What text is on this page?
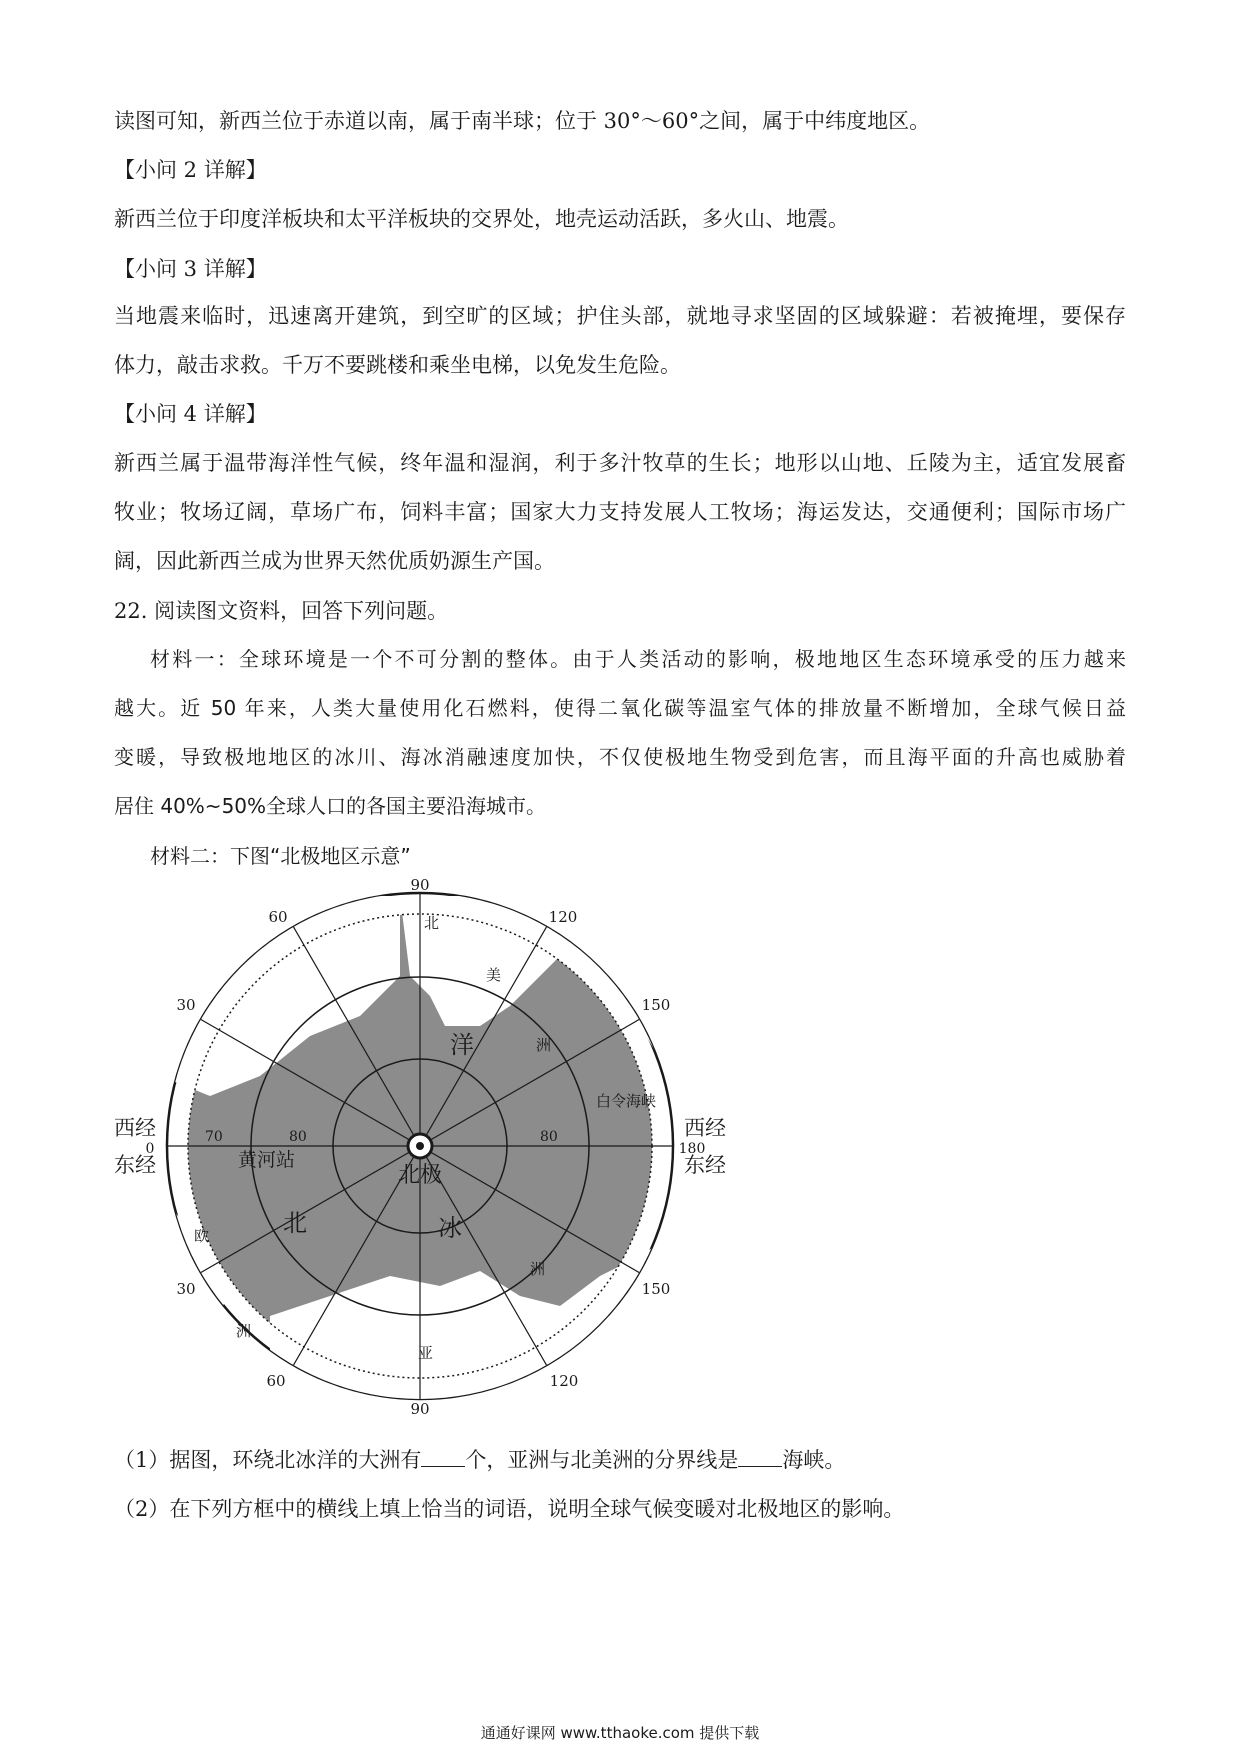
读图可知，新西兰位于赤道以南，属于南半球；位于 30°～60°之间，属于中纬度地区。
【小问 2 详解】
新西兰位于印度洋板块和太平洋板块的交界处，地壳运动活跃，多火山、地震。
【小问 3 详解】
当地震来临时，迅速离开建筑，到空旷的区域；护住头部，就地寻求坚固的区域躲避：若被掩埋，要保存
体力，敲击求救。千万不要跳楼和乘坐电梯，以免发生危险。
【小问 4 详解】
新西兰属于温带海洋性气候，终年温和湿润，利于多汁牧草的生长；地形以山地、丘陵为主，适宜发展畜
牧业；牧场辽阔，草场广布，饲料丰富；国家大力支持发展人工牧场；海运发达，交通便利；国际市场广
阔，因此新西兰成为世界天然优质奶源生产国。
22. 阅读图文资料，回答下列问题。
材料一：全球环境是一个不可分割的整体。由于人类活动的影响，极地地区生态环境承受的压力越来
越大。近 50 年来，人类大量使用化石燃料，使得二氧化碳等温室气体的排放量不断增加，全球气候日益
变暖，导致极地地区的冰川、海冰消融速度加快，不仅使极地生物受到危害，而且海平面的升高也威胁着
居住 40%~50%全球人口的各国主要沿海城市。
材料二：下图“北极地区示意”
90
90
60	120
30	150
30	150
60	120
0	180
西经
东经
西经
东经
70	80	80
北极
黄河站
白令海峡
北	冰
洋
北
美
洲
欧
洲
洲
亚
（1）据图，环绕北冰洋的大洲有 个，亚洲与北美洲的分界线是 海峡。
（2）在下列方框中的横线上填上恰当的词语，说明全球气候变暖对北极地区的影响。
通通好课网 www.tthaoke.com 提供下载
